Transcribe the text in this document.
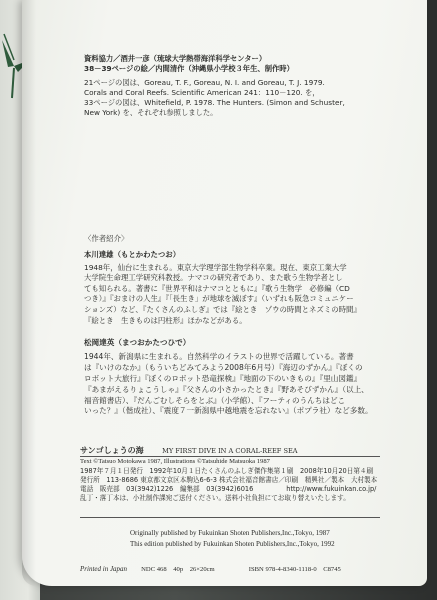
資料協力／酒井一彦（琉球大学熱帯海洋科学センター）
38－39ページの絵／内間清作（沖縄県小学校３年生、制作時）
21ページの図は、Goreau, T. F., Goreau, N. I. and Goreau, T. J. 1979.
Corals and Coral Reefs. Scientific American 241：110－120. を，
33ページの図は、Whitefield, P. 1978. The Hunters. (Simon and Schuster,
New York) を、それぞれ参照しました。
〈作者紹介〉
本川達雄（もとかわたつお）
1948年，仙台に生まれる。東京大学理学部生物学科卒業。現在、東京工業大学
大学院生命理工学研究科教授。ナマコの研究者であり、また歌う生物学者とし
ても知られる。著書に『世界平和はナマコとともに』『歌う生物学　必修編（CD
つき）』『おまけの人生』『「長生き」が地球を滅ぼす』（いずれも阪急コミュニケー
ションズ）など、『たくさんのふしぎ』では『絵とき　ゾウの時間とネズミの時間』
『絵とき　生きものは円柱形』ほかなどがある。
松岡達英（まつおかたつひで）
1944年、新潟県に生まれる。自然科学のイラストの世界で活躍している。著書
は『いけのなか』（もういちどみてみよう2008年6月号）『海辺のずかん』『ぼくの
ロボット大旅行』『ぼくのロボット恐竜探検』『地面の下のいきもの』『里山図鑑』
『あまがえるりょこうしゃ』『父さんの小さかったとき』『野あそびずかん』（以上、
福音館書店）、『だんごむしそらをとぶ』（小学館）、『フーティのうんちはどこ
いった？』（偕成社）、『震度７一新潟県中越地震を忘れない』（ポプラ社）など多数。
サンゴしょうの海	MY FIRST DIVE IN A CORAL-REEF SEA
Text ©Tatsuo Motokawa 1987, Illustrations ©Tatsuhide Matsuoka 1987
1987年７月１日発行　1992年10月１日たくさんのふしぎ傑作集第１刷　2008年10月20日第４刷
発行所　113-8686 東京都文京区本駒込6-6-3 株式会社福音館書店／印刷　精興社／製本　大村製本
電話　販売部　03(3942)1226　編集部　03(3942)6016　　　　　http://www.fukuinkan.co.jp/
乱丁・落丁本は、小社制作課宛ご送付ください。送料小社負担にてお取り替えいたします。
Originally published by Fukuinkan Shoten Publishers,Inc.,Tokyo, 1987
This edition published by Fukuinkan Shoten Publishers,Inc.,Tokyo, 1992
Printed in Japan NDC 468　40p　26×20cm	ISBN 978-4-8340-1118-0　C8745
